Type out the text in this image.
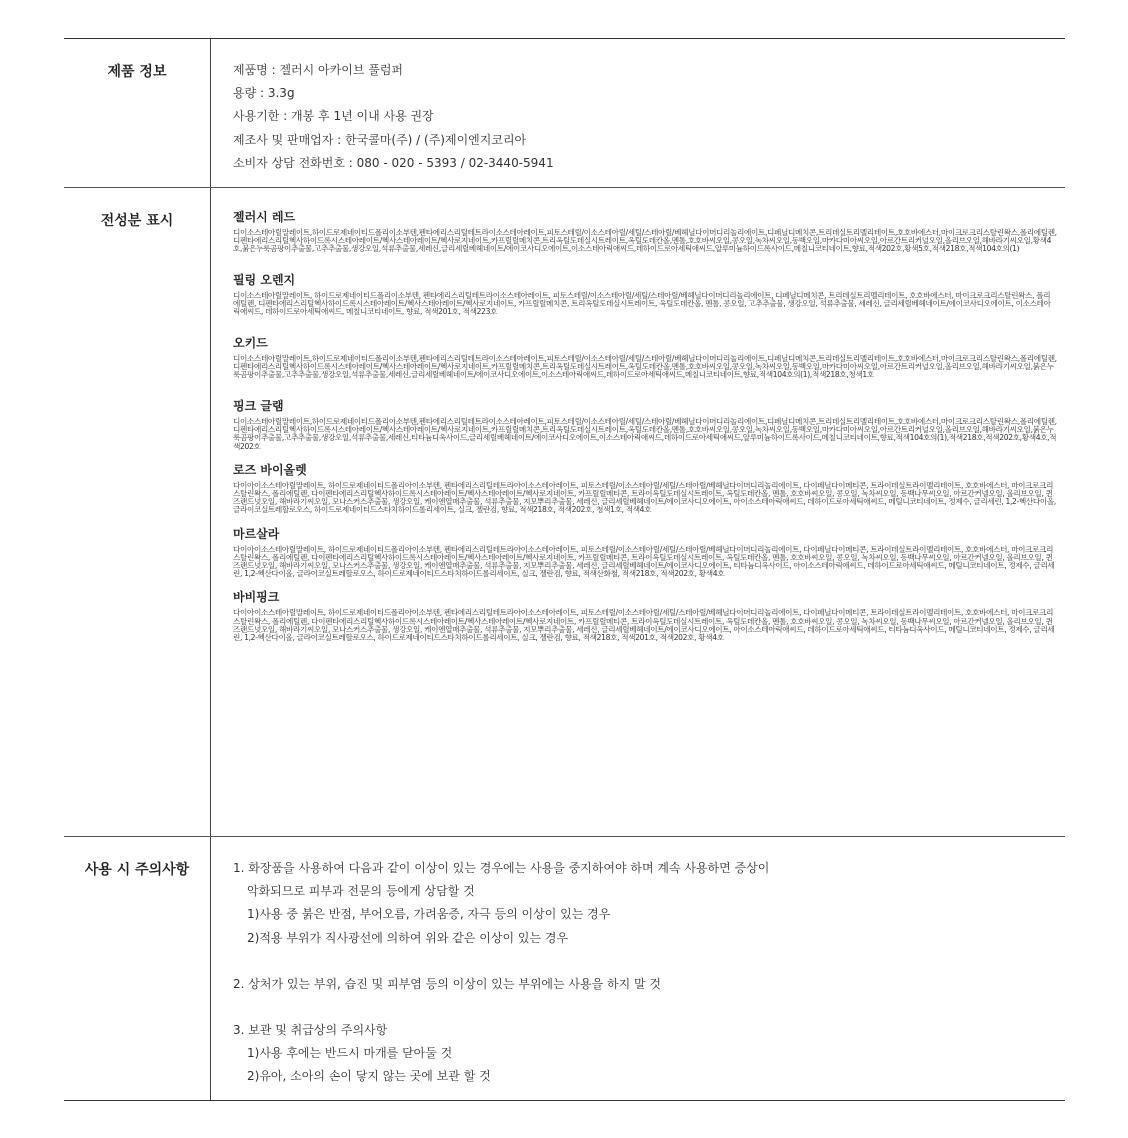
제품 정보	제품명 : 젤러시 아카이브 풀럼퍼
용량 : 3.3g
사용기한 : 개봉 후 1년 이내 사용 권장
제조사 및 판매업자 : 한국콜마(주) / (주)제이엔지코리아
소비자 상담 전화번호 : 080 - 020 - 5393 / 02-3440-5941
전성분 표시	젤러시 레드
디이소스테아릴말레이트,하이드로제네이티드폴리이소부텐,펜타에리스리틸테트라이소스테아레이트,피토스테릴/이소스테아릴/세틸/스테아릴/베헤닐다이머디리놀리에이트,디페닐디메치콘,트리데실트리멜리테이트,호호바에스터,마이크로크리스탈린왁스,폴리에틸렌,디펜타에리스리틸헥사하이드록시스테아레이트/헥사스테아레이트/헥사로지네이트,카프릴릴메치콘,트리옥틸도데실시트레이트,옥틸도데칸올,멘톨,호호바씨오일,콩오일,녹차씨오일,동백오일,마카다미아씨오일,아르간트리커널오일,올리브오일,해바라기씨오일,황색4호,붉은누룩곰팡이추출물,고추추출물,생강오일,석류추출물,세레신,글리세릴베헤네이트/에이코사디오에이트,이소스테아릭애씨드,데하이드로아세틱애씨드,알루미늄하이드록사이드,메칠니코티네이트,향료,적색202호,황색5호,적색218호,적색104호의(1)
필링 오렌지
디이소스테아릴말레이트, 하이드로제네이티드폴리이소부텐, 펜타에리스리틸테트라이소스테아레이트, 피토스테릴/이소스테아릴/세틸/스테아릴/베헤닐다이머디리놀리에이트, 디페닐디메치콘, 트리데실트리멜리테이트, 호호바에스터, 마이크로크리스탈린왁스, 폴리에틸렌, 디펜타에리스리틸헥사하이드록시스테아레이트/헥사스테아레이트/헥사로지네이트, 카프릴릴메치콘, 트리옥틸도데실시트레이트, 옥틸도데칸올, 멘톨, 콩오일, 고추추출물, 생강오일, 석류추출물, 세레신, 글리세릴베헤네이트/에이코사디오에이트, 이소스테아릭애씨드, 데하이드로아세틱애씨드, 메칠니코티네이트, 향료, 적색201호, 적색223호
오키드
디이소스테아릴말레이트,하이드로제네이티드폴리이소부텐,펜타에리스리틸테트라이소스테아레이트,피토스테릴/이소스테아릴/세틸/스테아릴/베헤닐다이머디리놀리에이트,디페닐디메치콘,트리데실트리멜리테이트,호호바에스터,마이크로크리스탈린왁스,폴리에틸렌,디펜타에리스리틸헥사하이드록시스테아레이트/헥사스테아레이트/헥사로지네이트,카프릴릴메치콘,트리옥틸도데실시트레이트,옥틸도데칸올,멘톨,호호바씨오일,콩오일,녹차씨오일,동백오일,마카다미아씨오일,아르간트리커널오일,올리브오일,해바라기씨오일,붉은누룩곰팡이추출물,고추추출물,생강오일,석류추출물,세레신,글리세릴베헤네이트/에이코사디오에이트,이소스테아릭애씨드,데하이드로아세틱애씨드,메칠니코티네이트,향료,적색104호의(1),적색218호,청색1호
핑크 글램
디이소스테아릴말레이트,하이드로제네이티드폴리이소부텐,펜타에리스리틸테트라이소스테아레이트,피토스테릴/이소스테아릴/세틸/스테아릴/베헤닐다이머디리놀리에이트,디페닐디메치콘,트리데실트리멜리테이트,호호바에스터,마이크로크리스탈린왁스,폴리에틸렌,디펜타에리스리틸헥사하이드록시스테아레이트/헥사스테아레이트/헥사로지네이트,카프릴릴메치콘,트리옥틸도데실시트레이트,옥틸도데칸올,멘톨,호호바씨오일,콩오일,녹차씨오일,동백오일,마카다미아씨오일,아르간트리커널오일,올리브오일,해바라기씨오일,붉은누룩곰팡이추출물,고추추출물,생강오일,석류추출물,세레신,티타늄디옥사이드,글리세릴베헤네이트/에이코사디오에이트,이소스테아릭애씨드,데하이드로아세틱애씨드,알루미늄하이드록사이드,메칠니코티네이트,향료,적색104호의(1),적색218호,적색202호,황색4호,적색202호
로즈 바이올렛
다이아이소스테아릴말레이트, 하이드로제네이티드폴리아이소부텐, 펜타에리스리틸테트라아이소스테아레이트, 피토스테릴/이소스테아릴/세틸/스테아릴/베헤닐다이머디리놀리에이트, 다이페닐다이메티콘, 트라이데실트라이멜리테이트, 호호바에스터, 마이크로크리스탈린왁스, 폴리에틸렌, 다이펜타에리스리틸헥사하이드록시스테아레이트/헥사스테아레이트/헥사로지네이트, 카프릴릴메티콘, 트라이옥틸도데실시트레이트, 옥틸도데칸올, 멘톨, 호호바씨오일, 콩오일, 녹차씨오일, 동백나무씨오일, 아르간커넬오일, 올리브오일, 퀸즈랜드넛오일, 해바라기씨오일, 모나스커스추출물, 생강오일, 케이엔열매추출물, 석류추출물, 지모뿌리추출물, 세레신, 글리세릴베헤네이트/에이코사디오에이트, 아이소스테아릭애씨드, 데하이드로아세틱애씨드, 메틸니코티네이트, 정제수, 글리세린, 1,2-헥산다이올, 글라이코실트레할로오스, 하이드로제네이티드스타치하이드롤리세이트, 실크, 젤란검, 향료, 적색218호, 적색202호, 청색1호, 적색4호
마르살라
다이아이소스테아릴말레이트, 하이드로제네이티드폴리아이소부텐, 펜타에리스리틸테트라아이소스테아레이트, 피토스테릴/이소스테아릴/세틸/스테아릴/베헤닐다이머디리놀리에이트, 다이페닐다이메티콘, 트라이데실트라이멜리테이트, 호호바에스터, 마이크로크리스탈린왁스, 폴리에틸렌, 다이펜타에리스리틸헥사하이드록시스테아레이트/헥사스테아레이트/헥사로지네이트, 카프릴릴메티콘, 트라이옥틸도데실시트레이트, 옥틸도데칸올, 멘톨, 호호바씨오일, 콩오일, 녹차씨오일, 동백나무씨오일, 아르간커넬오일, 올리브오일, 퀸즈랜드넛오일, 해바라기씨오일, 모나스커스추출물, 생강오일, 케이엔열매추출물, 석류추출물, 지모뿌리추출물, 세레신, 글리세릴베헤네이트/에이코사디오에이트, 티타늄디옥사이드, 아이소스테아릭애씨드, 데하이드로아세틱애씨드, 메틸니코티네이트, 정제수, 글리세린, 1,2-헥산다이올, 글라이코실트레할로오스, 하이드로제네이티드스타치하이드롤리세이트, 실크, 젤란검, 향료, 적색산화철, 적색218호, 적색202호, 황색4호
바비핑크
다이아이소스테아릴말레이트, 하이드로제네이티드폴리아이소부텐, 펜타에리스리틸테트라아이소스테아레이트, 피토스테릴/이소스테아릴/세틸/스테아릴/베헤닐다이머디리놀리에이트, 다이페닐다이메티콘, 트라이데실트라이멜리테이트, 호호바에스터, 마이크로크리스탈린왁스, 폴리에틸렌, 다이펜타에리스리틸헥사하이드록시스테아레이트/헥사스테아레이트/헥사로지네이트, 카프릴릴메티콘, 트라이옥틸도데실시트레이트, 옥틸도데칸올, 멘톨, 호호바씨오일, 콩오일, 녹차씨오일, 동백나무씨오일, 아르간커넬오일, 올리브오일, 퀸즈랜드넛오일, 해바라기씨오일, 모나스커스추출물, 생강오일, 케이엔열매추출물, 석류추출물, 지모뿌리추출물, 세레신, 글리세릴베헤네이트/에이코사디오에이트, 아이소스테아릭애씨드, 데하이드로아세틱애씨드, 티타늄디옥사이드, 메틸니코티네이트, 정제수, 글리세린, 1,2-헥산다이올, 글라이코실트레할로오스, 하이드로제네이티드스타치하이드롤리세이트, 실크, 젤란검, 향료, 적색218호, 적색201호, 적색202호, 황색4호
사용 시 주의사항	1. 화장품을 사용하여 다음과 같이 이상이 있는 경우에는 사용을 중지하여야 하며 계속 사용하면 증상이
악화되므로 피부과 전문의 등에게 상담할 것
1)사용 중 붉은 반점, 부어오름, 가려움증, 자극 등의 이상이 있는 경우
2)적용 부위가 직사광선에 의하여 위와 같은 이상이 있는 경우
2. 상처가 있는 부위, 습진 및 피부염 등의 이상이 있는 부위에는 사용을 하지 말 것
3. 보관 및 취급상의 주의사항
1)사용 후에는 반드시 마개를 닫아둘 것
2)유아, 소아의 손이 닿지 않는 곳에 보관 할 것
